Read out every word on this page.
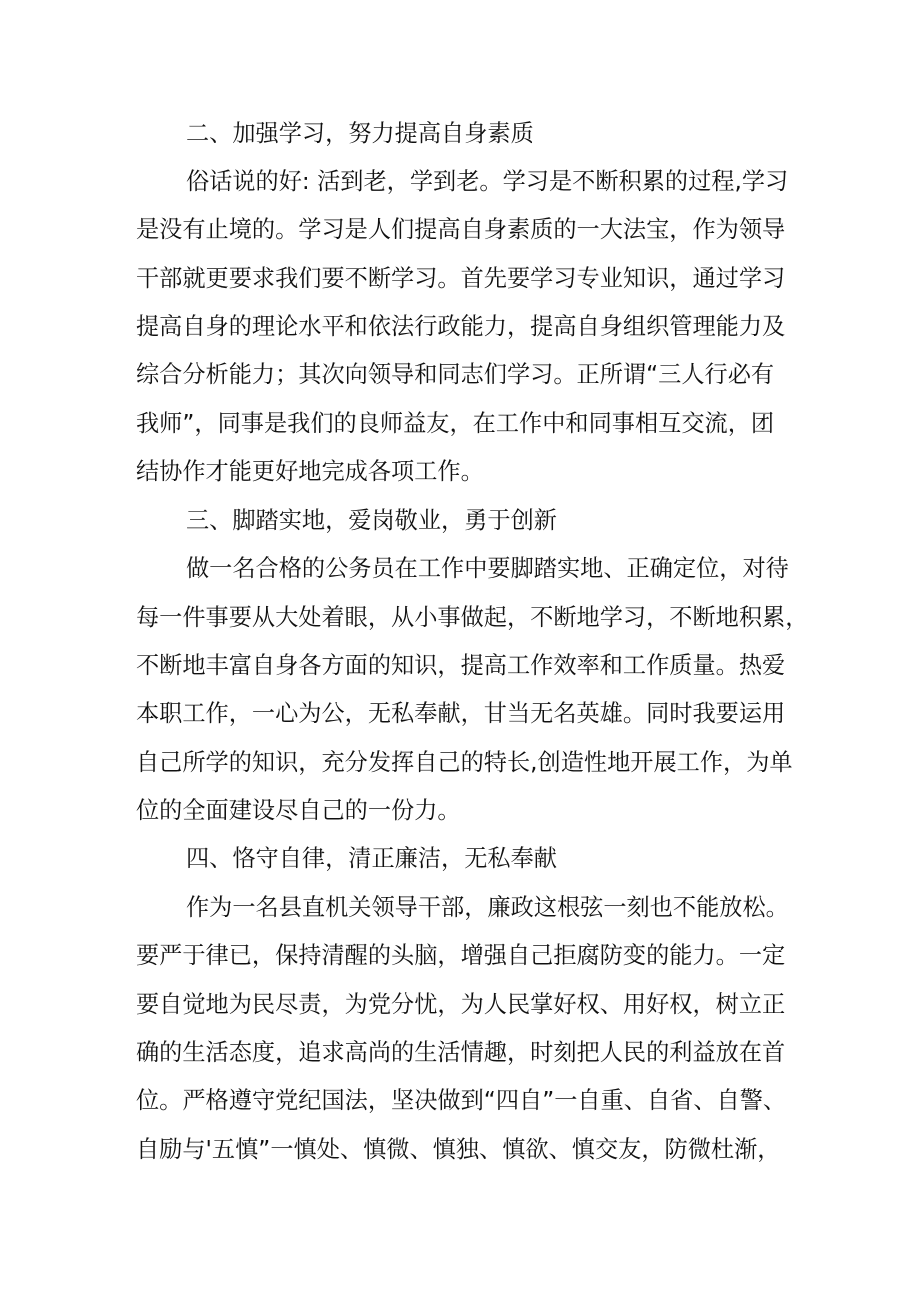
二、加强学习，努力提高自身素质
俗话说的好: 活到老，学到老。学习是不断积累的过程,学习
是没有止境的。学习是人们提高自身素质的一大法宝，作为领导
干部就更要求我们要不断学习。首先要学习专业知识，通过学习
提高自身的理论水平和依法行政能力，提高自身组织管理能力及
综合分析能力；其次向领导和同志们学习。正所谓“三人行必有
我师”，同事是我们的良师益友，在工作中和同事相互交流，团
结协作才能更好地完成各项工作。
三、脚踏实地，爱岗敬业，勇于创新
做一名合格的公务员在工作中要脚踏实地、正确定位，对待
每一件事要从大处着眼，从小事做起，不断地学习，不断地积累，
不断地丰富自身各方面的知识，提高工作效率和工作质量。热爱
本职工作，一心为公，无私奉献，甘当无名英雄。同时我要运用
自己所学的知识，充分发挥自己的特长,创造性地开展工作，为单
位的全面建设尽自己的一份力。
四、恪守自律，清正廉洁，无私奉献
作为一名县直机关领导干部，廉政这根弦一刻也不能放松。
要严于律已，保持清醒的头脑，增强自己拒腐防变的能力。一定
要自觉地为民尽责，为党分忧，为人民掌好权、用好权，树立正
确的生活态度，追求高尚的生活情趣，时刻把人民的利益放在首
位。严格遵守党纪国法，坚决做到“四自”一自重、自省、自警、
自励与'五慎”一慎处、慎微、慎独、慎欲、慎交友，防微杜渐，
